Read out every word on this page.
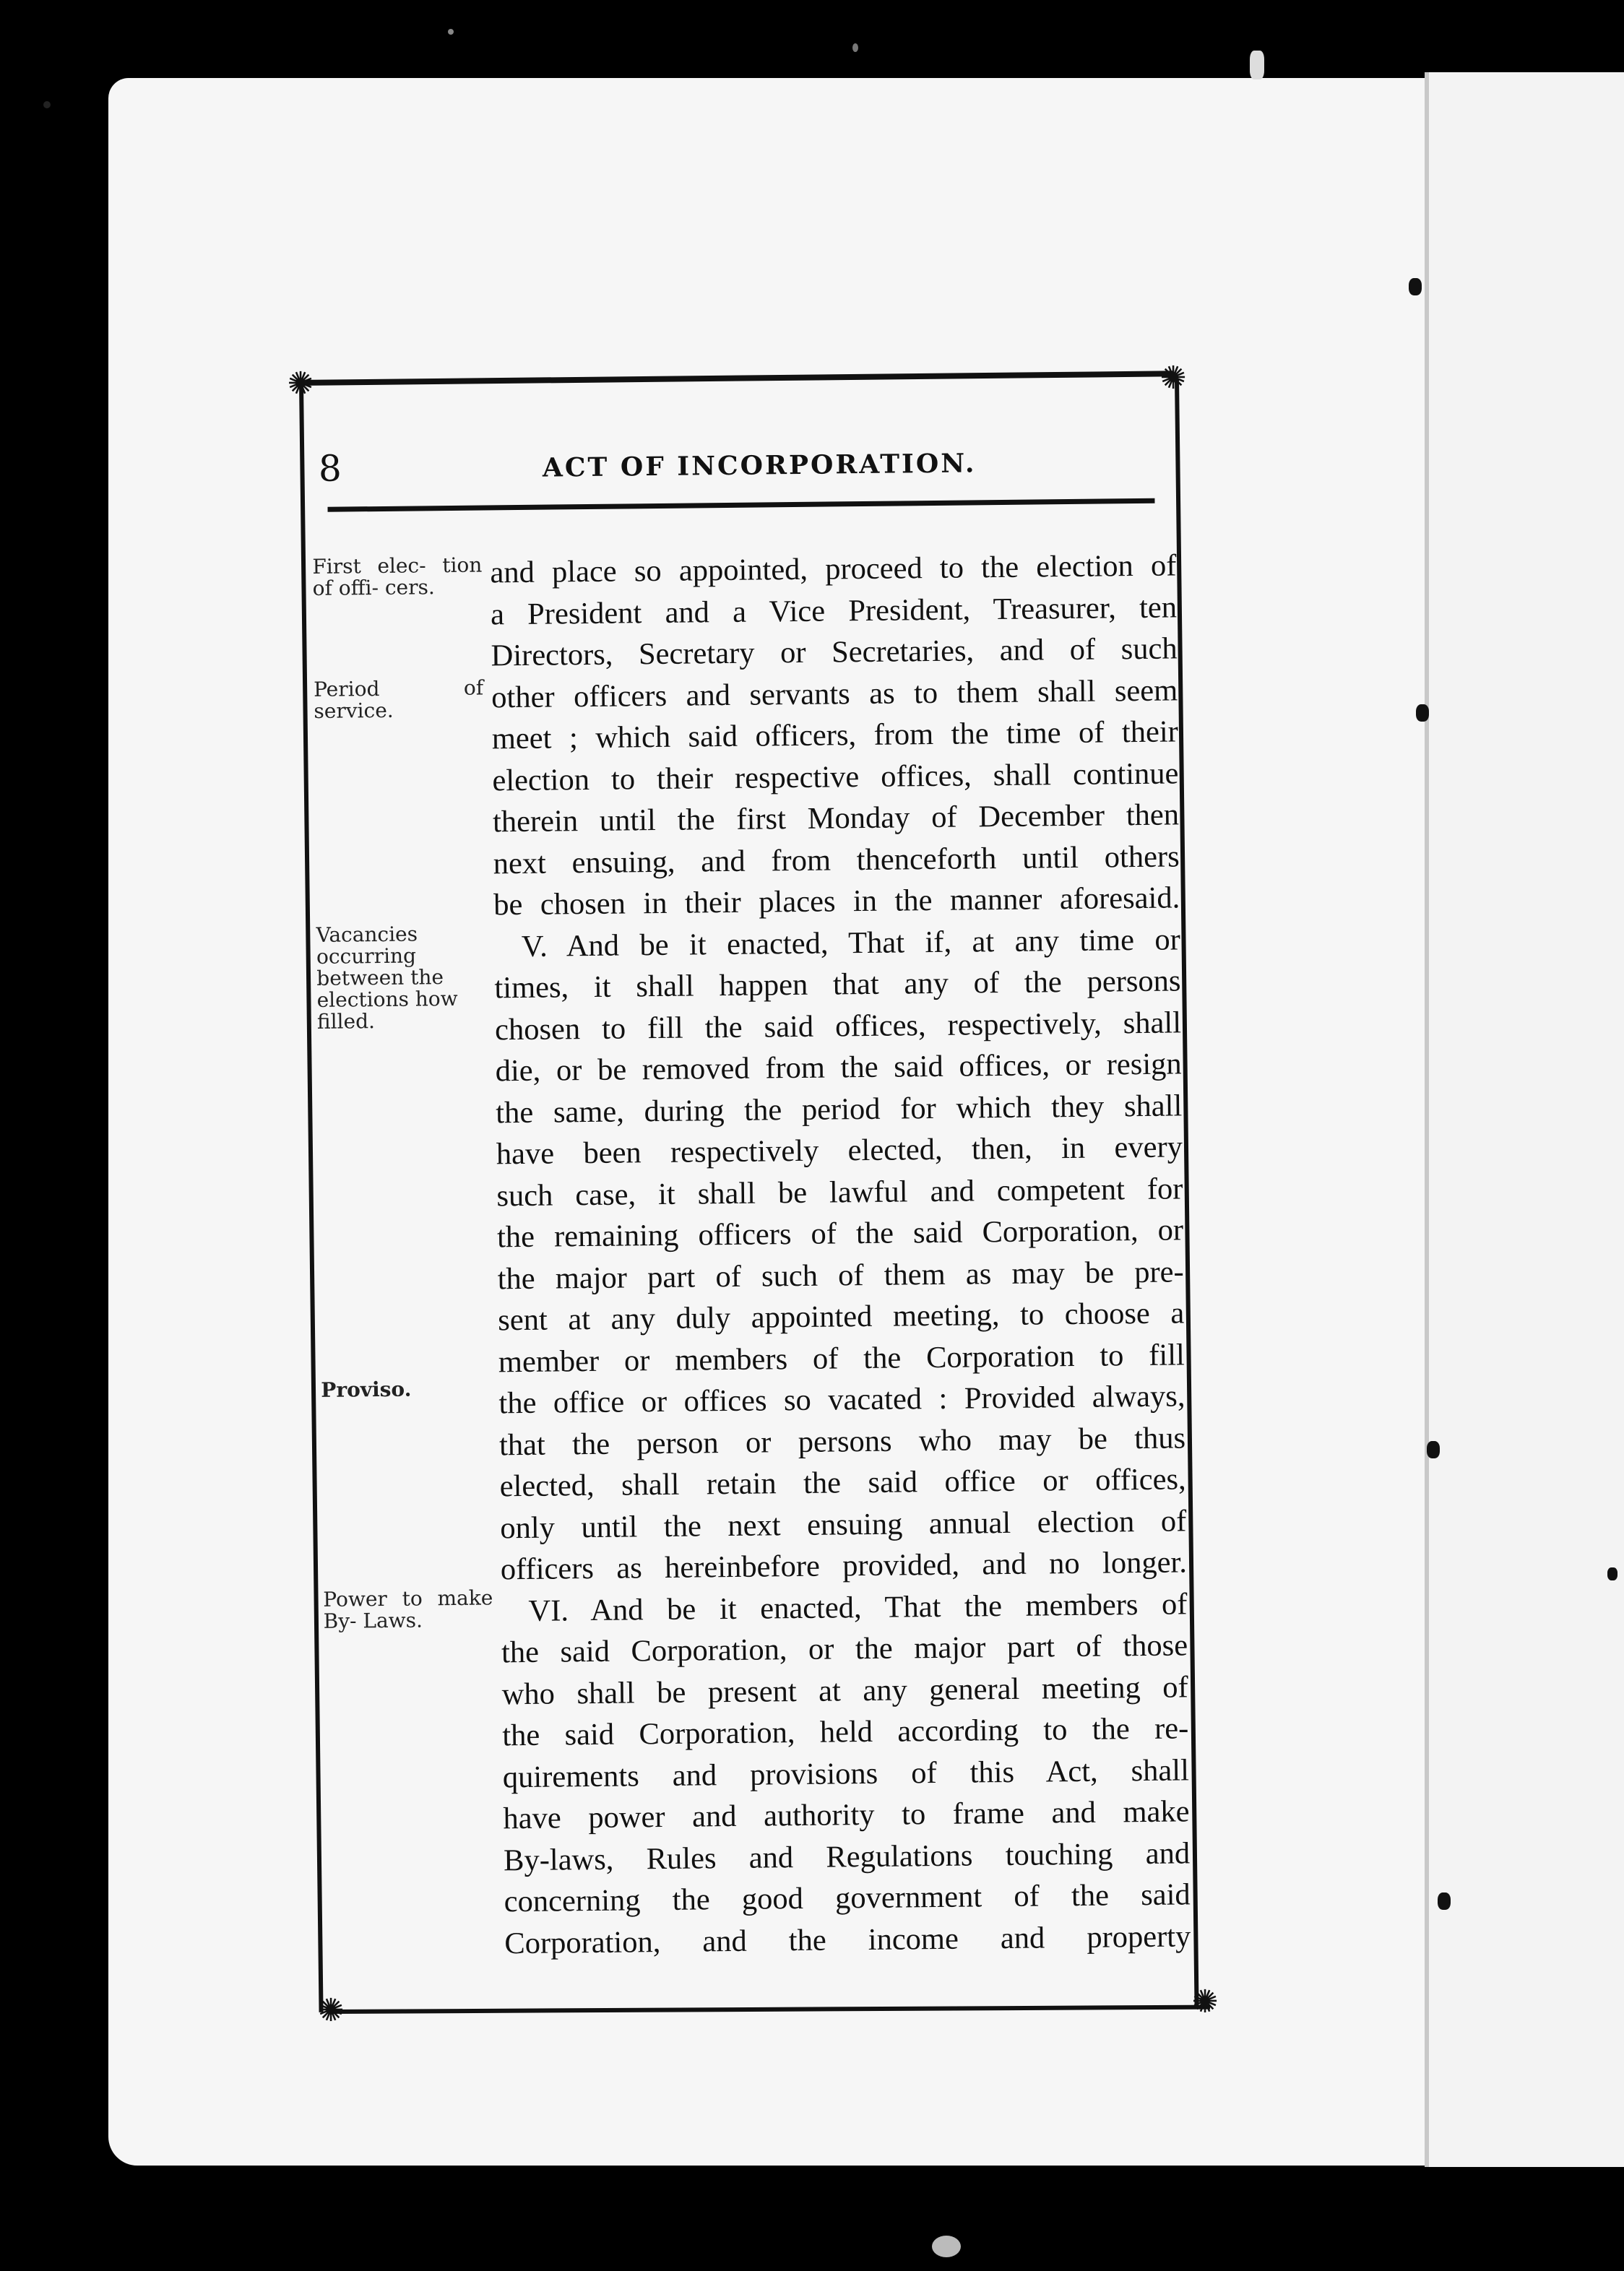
✺	✺
✺	✺
8	ACT OF INCORPORATION.
First elec- tion of offi- cers.
Period of service.
Vacancies occurring between the elections how filled.
Proviso.
Power to make By- Laws.
and place so appointed, proceed to the election of
a President and a Vice President, Treasurer, ten
Directors, Secretary or Secretaries, and of such
other officers and servants as to them shall seem
meet ; which said officers, from the time of their
election to their respective offices, shall continue
therein until the first Monday of December then
next ensuing, and from thenceforth until others
be chosen in their places in the manner aforesaid.
V. And be it enacted, That if, at any time or
times, it shall happen that any of the persons
chosen to fill the said offices, respectively, shall
die, or be removed from the said offices, or resign
the same, during the period for which they shall
have been respectively elected, then, in every
such case, it shall be lawful and competent for
the remaining officers of the said Corporation, or
the major part of such of them as may be pre-
sent at any duly appointed meeting, to choose a
member or members of the Corporation to fill
the office or offices so vacated : Provided always,
that the person or persons who may be thus
elected, shall retain the said office or offices,
only until the next ensuing annual election of
officers as hereinbefore provided, and no longer.
VI. And be it enacted, That the members of
the said Corporation, or the major part of those
who shall be present at any general meeting of
the said Corporation, held according to the re-
quirements and provisions of this Act, shall
have power and authority to frame and make
By-laws, Rules and Regulations touching and
concerning the good government of the said
Corporation, and the income and property
